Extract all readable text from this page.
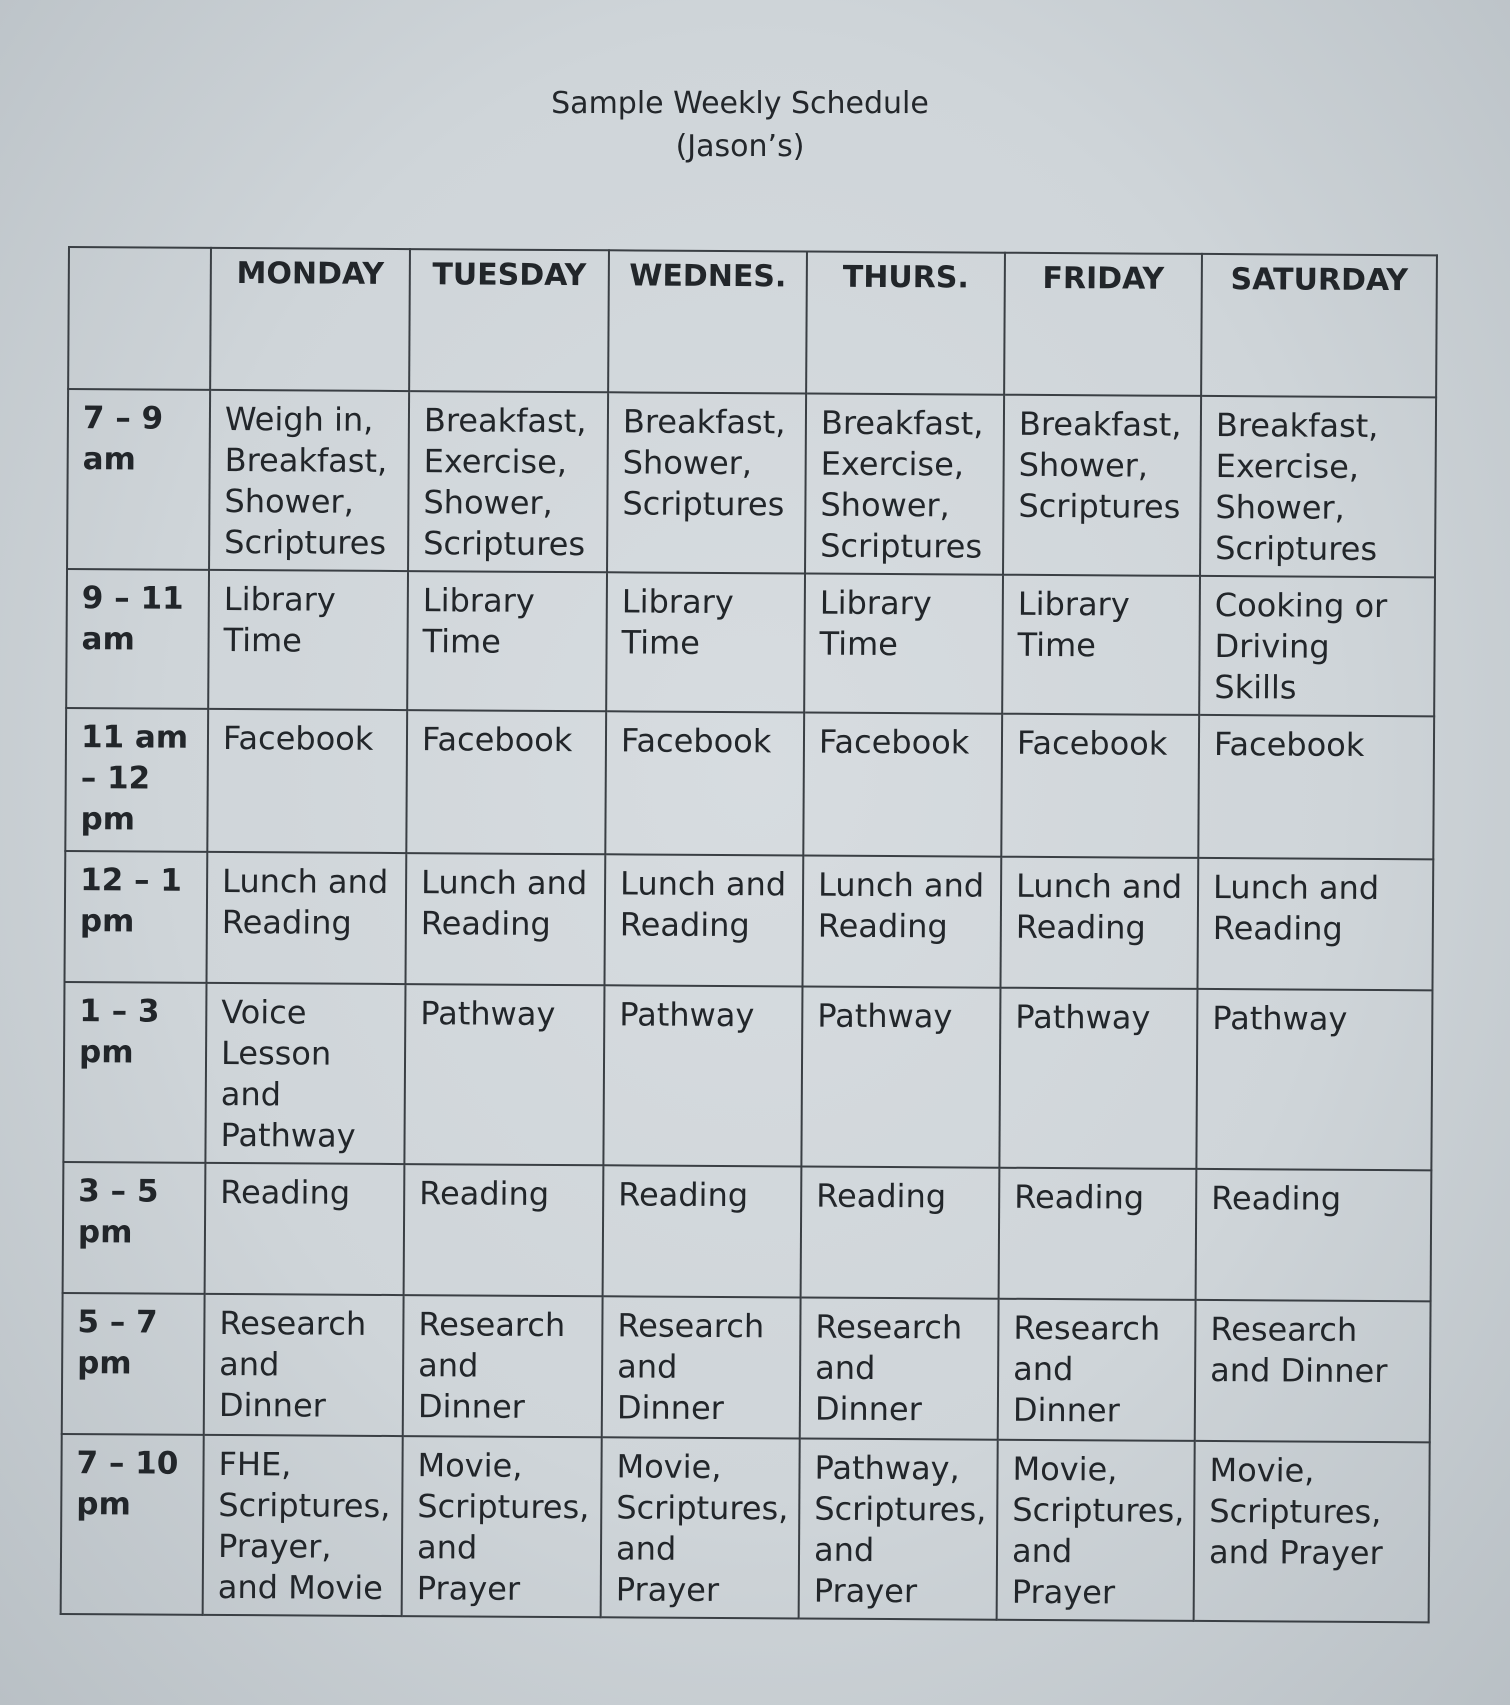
Sample Weekly Schedule
(Jason’s)
	MONDAY	TUESDAY	WEDNES.	THURS.	FRIDAY	SATURDAY
7 – 9 am	Weigh in, Breakfast, Shower, Scriptures	Breakfast, Exercise, Shower, Scriptures	Breakfast, Shower, Scriptures	Breakfast, Exercise, Shower, Scriptures	Breakfast, Shower, Scriptures	Breakfast, Exercise, Shower, Scriptures
9 – 11 am	Library Time	Library Time	Library Time	Library Time	Library Time	Cooking or Driving Skills
11 am – 12 pm	Facebook	Facebook	Facebook	Facebook	Facebook	Facebook
12 – 1 pm	Lunch and Reading	Lunch and Reading	Lunch and Reading	Lunch and Reading	Lunch and Reading	Lunch and Reading
1 – 3 pm	Voice Lesson and Pathway	Pathway	Pathway	Pathway	Pathway	Pathway
3 – 5 pm	Reading	Reading	Reading	Reading	Reading	Reading
5 – 7 pm	Research and Dinner	Research and Dinner	Research and Dinner	Research and Dinner	Research and Dinner	Research and Dinner
7 – 10 pm	FHE, Scriptures, Prayer, and Movie	Movie, Scriptures, and Prayer	Movie, Scriptures, and Prayer	Pathway, Scriptures, and Prayer	Movie, Scriptures, and Prayer	Movie, Scriptures, and Prayer
